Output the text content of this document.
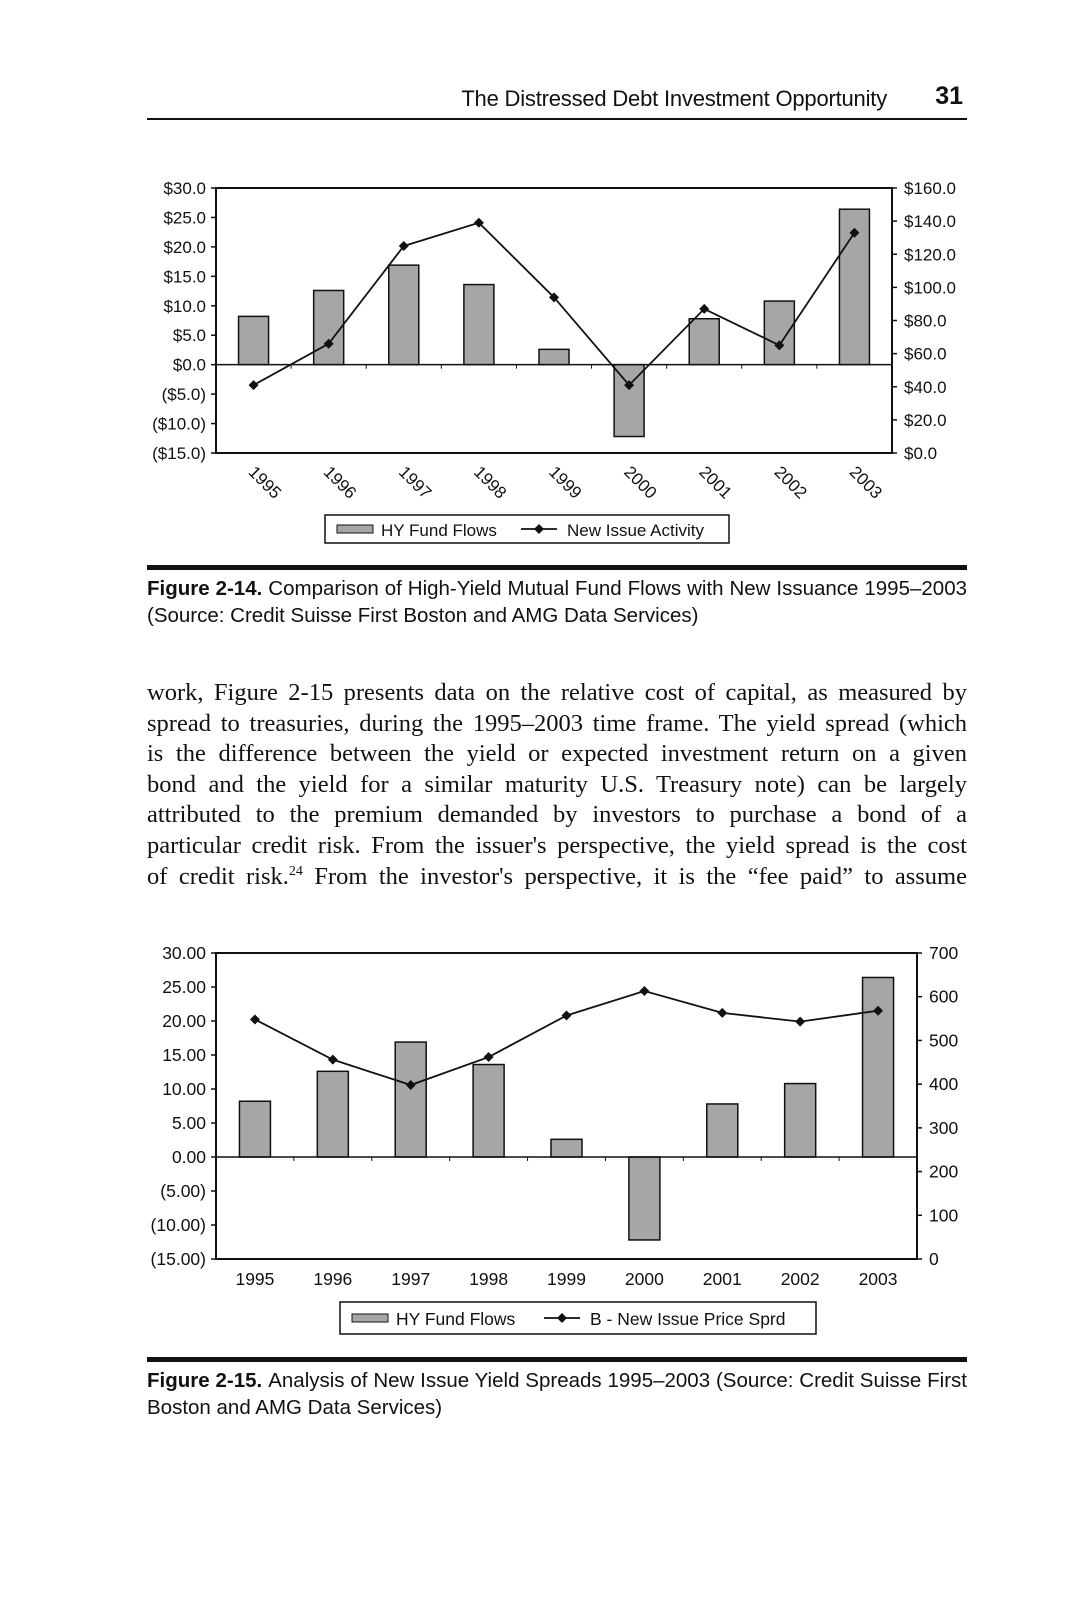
The Distressed Debt Investment Opportunity 31
$30.0
$25.0
$20.0
$15.0
$10.0
$5.0
$0.0
($5.0)
($10.0)
($15.0)
$160.0
$140.0
$120.0
$100.0
$80.0
$60.0
$40.0
$20.0
$0.0
1995 1996 1997 1998 1999 2000 2001 2002 2003
HY Fund Flows	New Issue Activity
Figure 2-14. Comparison of High-Yield Mutual Fund Flows with New Issuance 1995–2003 (Source: Credit Suisse First Boston and AMG Data Services)
work, Figure 2-15 presents data on the relative cost of capital, as measured by
spread to treasuries, during the 1995–2003 time frame. The yield spread (which
is the difference between the yield or expected investment return on a given
bond and the yield for a similar maturity U.S. Treasury note) can be largely
attributed to the premium demanded by investors to purchase a bond of a
particular credit risk. From the issuer's perspective, the yield spread is the cost
of credit risk.$^{24}$ From the investor's perspective, it is the “fee paid” to assume
30.00
25.00
20.00
15.00
10.00
5.00
0.00
(5.00)
(10.00)
(15.00)
700
600
500
400
300
200
100
0
1995 1996 1997 1998 1999 2000 2001 2002 2003
HY Fund Flows	B - New Issue Price Sprd
Figure 2-15. Analysis of New Issue Yield Spreads 1995–2003 (Source: Credit Suisse First Boston and AMG Data Services)
